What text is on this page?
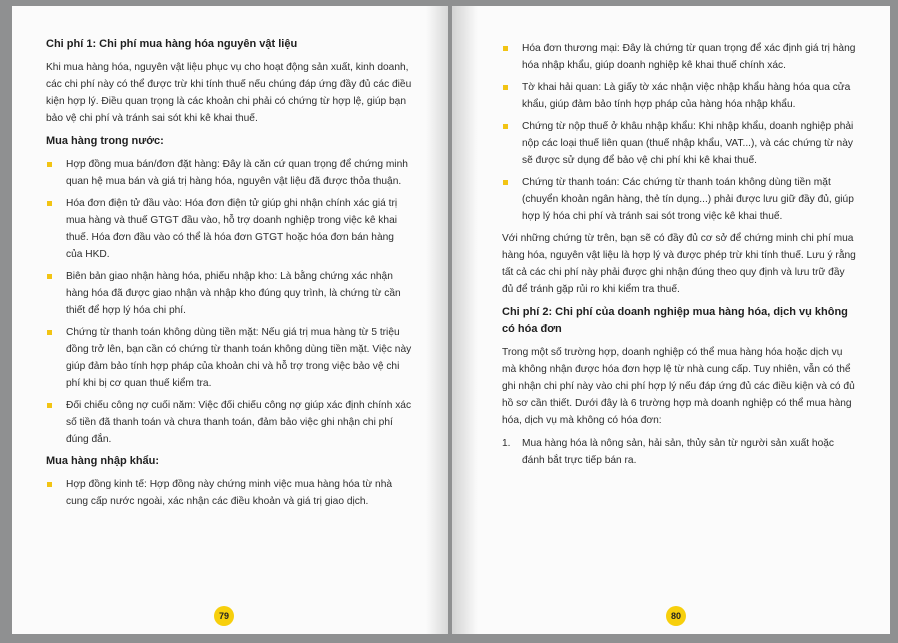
Chi phí 1: Chi phí mua hàng hóa nguyên vật liệu

Khi mua hàng hóa, nguyên vật liệu phục vụ cho hoạt động sản xuất, kinh doanh, các chi phí này có thể được trừ khi tính thuế nếu chúng đáp ứng đầy đủ các điều kiện hợp lý. Điều quan trọng là các khoản chi phải có chứng từ hợp lệ, giúp bạn bảo vệ chi phí và tránh sai sót khi kê khai thuế.

Mua hàng trong nước:
Hợp đồng mua bán/đơn đặt hàng: Đây là căn cứ quan trọng để chứng minh quan hệ mua bán và giá trị hàng hóa, nguyên vật liệu đã được thỏa thuận.
Hóa đơn điện tử đầu vào: Hóa đơn điện tử giúp ghi nhận chính xác giá trị mua hàng và thuế GTGT đầu vào, hỗ trợ doanh nghiệp trong việc kê khai thuế. Hóa đơn đầu vào có thể là hóa đơn GTGT hoặc hóa đơn bán hàng của HKD.
Biên bản giao nhận hàng hóa, phiếu nhập kho: Là bằng chứng xác nhận hàng hóa đã được giao nhận và nhập kho đúng quy trình, là chứng từ cần thiết để hợp lý hóa chi phí.
Chứng từ thanh toán không dùng tiền mặt: Nếu giá trị mua hàng từ 5 triệu đồng trở lên, bạn cần có chứng từ thanh toán không dùng tiền mặt. Việc này giúp đảm bảo tính hợp pháp của khoản chi và hỗ trợ trong việc bảo vệ chi phí khi bị cơ quan thuế kiểm tra.
Đối chiếu công nợ cuối năm: Việc đối chiếu công nợ giúp xác định chính xác số tiền đã thanh toán và chưa thanh toán, đảm bảo việc ghi nhận chi phí đúng đắn.
Mua hàng nhập khẩu:
Hợp đồng kinh tế: Hợp đồng này chứng minh việc mua hàng hóa từ nhà cung cấp nước ngoài, xác nhận các điều khoản và giá trị giao dịch.
79
Hóa đơn thương mại: Đây là chứng từ quan trọng để xác định giá trị hàng hóa nhập khẩu, giúp doanh nghiệp kê khai thuế chính xác.
Tờ khai hải quan: Là giấy tờ xác nhận việc nhập khẩu hàng hóa qua cửa khẩu, giúp đảm bảo tính hợp pháp của hàng hóa nhập khẩu.
Chứng từ nộp thuế ở khâu nhập khẩu: Khi nhập khẩu, doanh nghiệp phải nộp các loại thuế liên quan (thuế nhập khẩu, VAT...), và các chứng từ này sẽ được sử dụng để bảo vệ chi phí khi kê khai thuế.
Chứng từ thanh toán: Các chứng từ thanh toán không dùng tiền mặt (chuyển khoản ngân hàng, thẻ tín dụng...) phải được lưu giữ đầy đủ, giúp hợp lý hóa chi phí và tránh sai sót trong việc kê khai thuế.

Với những chứng từ trên, bạn sẽ có đầy đủ cơ sở để chứng minh chi phí mua hàng hóa, nguyên vật liệu là hợp lý và được phép trừ khi tính thuế. Lưu ý rằng tất cả các chi phí này phải được ghi nhận đúng theo quy định và lưu trữ đầy đủ để tránh gặp rủi ro khi kiểm tra thuế.

Chi phí 2: Chi phí của doanh nghiệp mua hàng hóa, dịch vụ không có hóa đơn

Trong một số trường hợp, doanh nghiệp có thể mua hàng hóa hoặc dịch vụ mà không nhận được hóa đơn hợp lệ từ nhà cung cấp. Tuy nhiên, vẫn có thể ghi nhận chi phí này vào chi phí hợp lý nếu đáp ứng đủ các điều kiện và có đủ hồ sơ cần thiết. Dưới đây là 6 trường hợp mà doanh nghiệp có thể mua hàng hóa, dịch vụ mà không có hóa đơn:

1. Mua hàng hóa là nông sản, hải sản, thủy sản từ người sản xuất hoặc đánh bắt trực tiếp bán ra.
80
